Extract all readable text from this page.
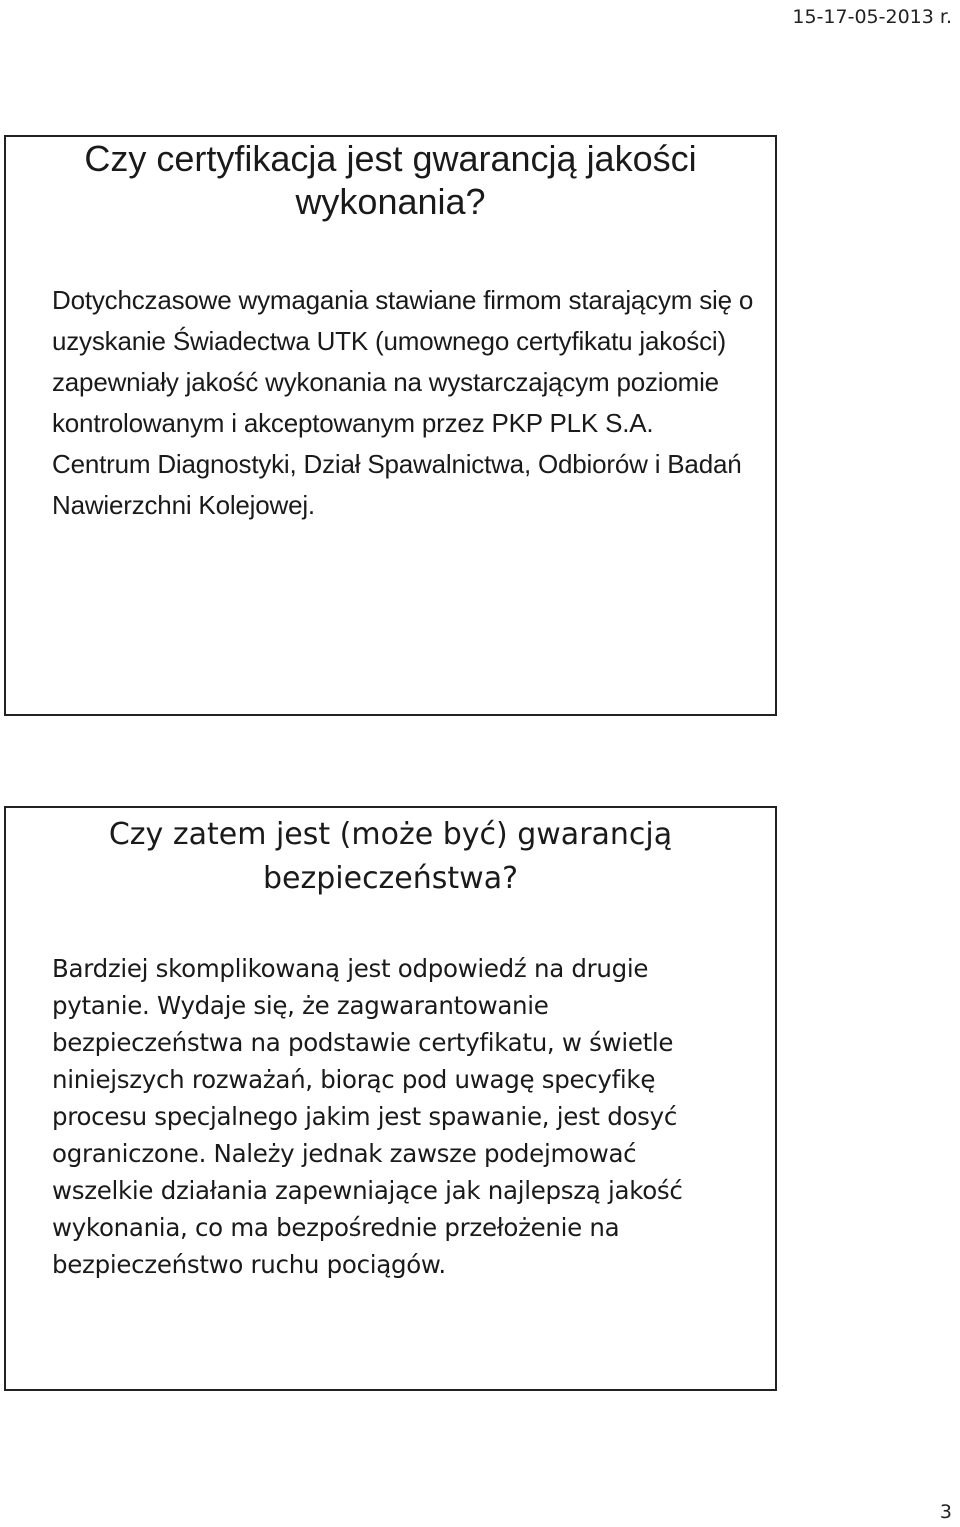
15-17-05-2013 r.
Czy certyfikacja jest gwarancją jakości wykonania?

Dotychczasowe wymagania stawiane firmom starającym się o uzyskanie Świadectwa UTK (umownego certyfikatu jakości) zapewniały jakość wykonania na wystarczającym poziomie kontrolowanym i akceptowanym przez PKP PLK S.A. Centrum Diagnostyki, Dział Spawalnictwa, Odbiorów i Badań Nawierzchni Kolejowej.

Czy zatem jest (może być) gwarancją bezpieczeństwa?

Bardziej skomplikowaną jest odpowiedź na drugie pytanie. Wydaje się, że zagwarantowanie bezpieczeństwa na podstawie certyfikatu, w świetle niniejszych rozważań, biorąc pod uwagę specyfikę procesu specjalnego jakim jest spawanie, jest dosyć ograniczone. Należy jednak zawsze podejmować wszelkie działania zapewniające jak najlepszą jakość wykonania, co ma bezpośrednie przełożenie na bezpieczeństwo ruchu pociągów.

3
